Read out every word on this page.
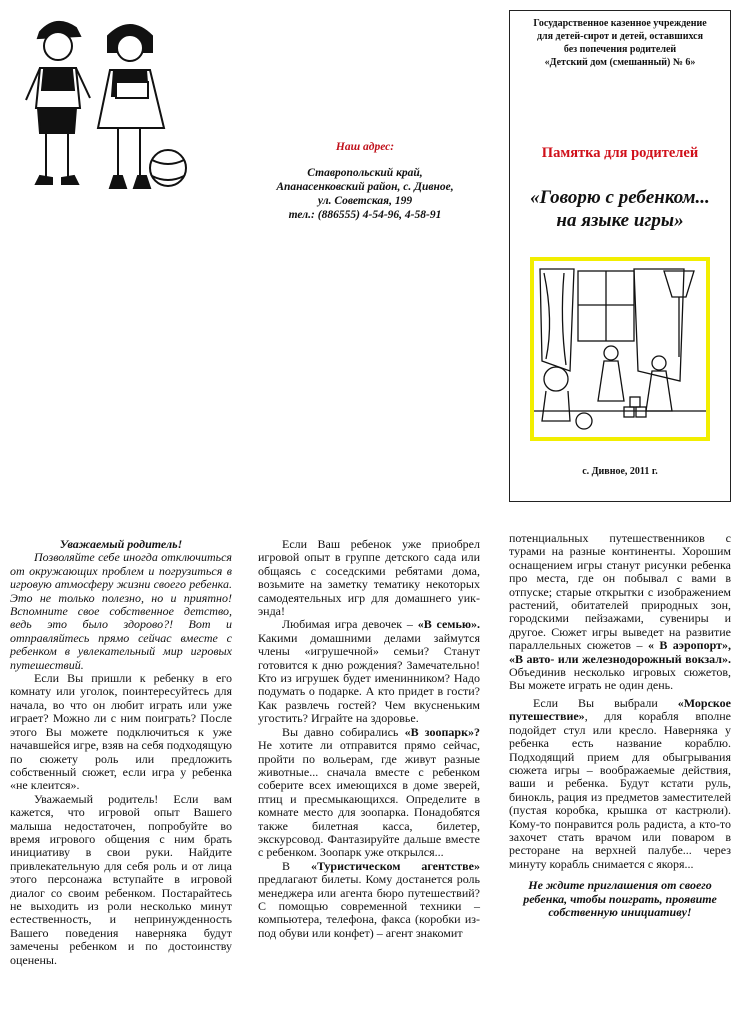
Наш адрес:
Ставропольский край,
Апанасенковский район, с. Дивное,
ул. Советская, 199
тел.: (886555) 4-54-96, 4-58-91
Государственное казенное учреждение
для детей-сирот и детей, оставшихся
без попечения родителей
«Детский дом (смешанный) № 6»
Памятка для родителей
«Говорю с ребенком...
на языке игры»
с. Дивное, 2011 г.

Уважаемый родитель!

Позволяйте себе иногда отключиться от окружающих проблем и погрузиться в игровую атмосферу жизни своего ребенка. Это не только полезно, но и приятно! Вспомните свое собственное детство, ведь это было здорово?! Вот и отправляйтесь прямо сейчас вместе с ребенком в увлекательный мир игровых путешествий.

Если Вы пришли к ребенку в его комнату или уголок, поинтересуйтесь для начала, во что он любит играть или уже играет? Можно ли с ним поиграть? После этого Вы можете подключиться к уже начавшейся игре, взяв на себя подходящую по сюжету роль или предложить собственный сюжет, если игра у ребенка «не клеится».

Уважаемый родитель! Если вам кажется, что игровой опыт Вашего малыша недостаточен, попробуйте во время игрового общения с ним брать инициативу в свои руки. Найдите привлекательную для себя роль и от лица этого персонажа вступайте в игровой диалог со своим ребенком. Постарайтесь не выходить из роли несколько минут естественность, и непринужденность Вашего поведения наверняка будут замечены ребенком и по достоинству оценены.

Если Ваш ребенок уже приобрел игровой опыт в группе детского сада или общаясь с соседскими ребятами дома, возьмите на заметку тематику некоторых самодеятельных игр для домашнего уик-энда!

Любимая игра девочек – «В семью». Какими домашними делами займутся члены «игрушечной» семьи? Станут готовится к дню рождения? Замечательно! Кто из игрушек будет именинником? Надо подумать о подарке. А кто придет в гости? Как развлечь гостей? Чем вкусненьким угостить? Играйте на здоровье.

Вы давно собирались «В зоопарк»? Не хотите ли отправится прямо сейчас, пройти по вольерам, где живут разные животные... сначала вместе с ребенком соберите всех имеющихся в доме зверей, птиц и пресмыкающихся. Определите в комнате место для зоопарка. Понадобятся также билетная касса, билетер, экскурсовод. Фантазируйте дальше вместе с ребенком. Зоопарк уже открылся...

В «Туристическом агентстве» предлагают билеты. Кому достанется роль менеджера или агента бюро путешествий? С помощью современной техники – компьютера, телефона, факса (коробки из-под обуви или конфет) – агент знакомит

потенциальных путешественников с турами на разные континенты. Хорошим оснащением игры станут рисунки ребенка про места, где он побывал с вами в отпуске; старые открытки с изображением растений, обитателей природных зон, городскими пейзажами, сувениры и другое. Сюжет игры выведет на развитие параллельных сюжетов – « В аэропорт», «В авто- или железнодорожный вокзал». Объединив несколько игровых сюжетов, Вы можете играть не один день.

Если Вы выбрали «Морское путешествие», для корабля вполне подойдет стул или кресло. Наверняка у ребенка есть название кораблю. Подходящий прием для обыгрывания сюжета игры – воображаемые действия, ваши и ребенка. Будут кстати руль, бинокль, рация из предметов заместителей (пустая коробка, крышка от кастрюли). Кому-то понравится роль радиста, а кто-то захочет стать врачом или поваром в ресторане на верхней палубе... через минуту корабль снимается с якоря...

Не ждите приглашения от своего ребенка, чтобы поиграть, проявите собственную инициативу!
